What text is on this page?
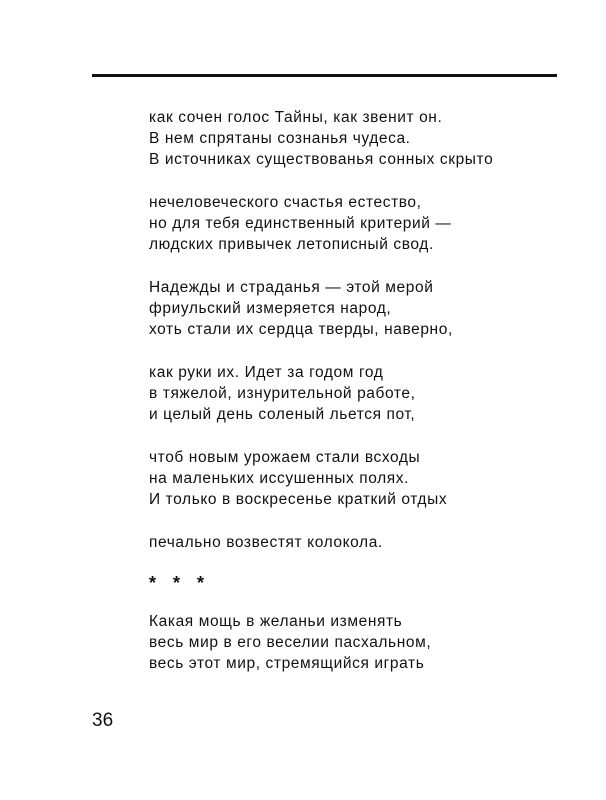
как сочен голос Тайны, как звенит он.
В нем спрятаны сознанья чудеса.
В источниках существованья сонных скрыто
нечеловеческого счастья естество,
но для тебя единственный критерий —
людских привычек летописный свод.
Надежды и страданья — этой мерой
фриульский измеряется народ,
хоть стали их сердца тверды, наверно,
как руки их. Идет за годом год
в тяжелой, изнурительной работе,
и целый день соленый льется пот,
чтоб новым урожаем стали всходы
на маленьких иссушенных полях.
И только в воскресенье краткий отдых
печально возвестят колокола.
* * *
Какая мощь в желаньи изменять
весь мир в его веселии пасхальном,
весь этот мир, стремящийся играть
36
